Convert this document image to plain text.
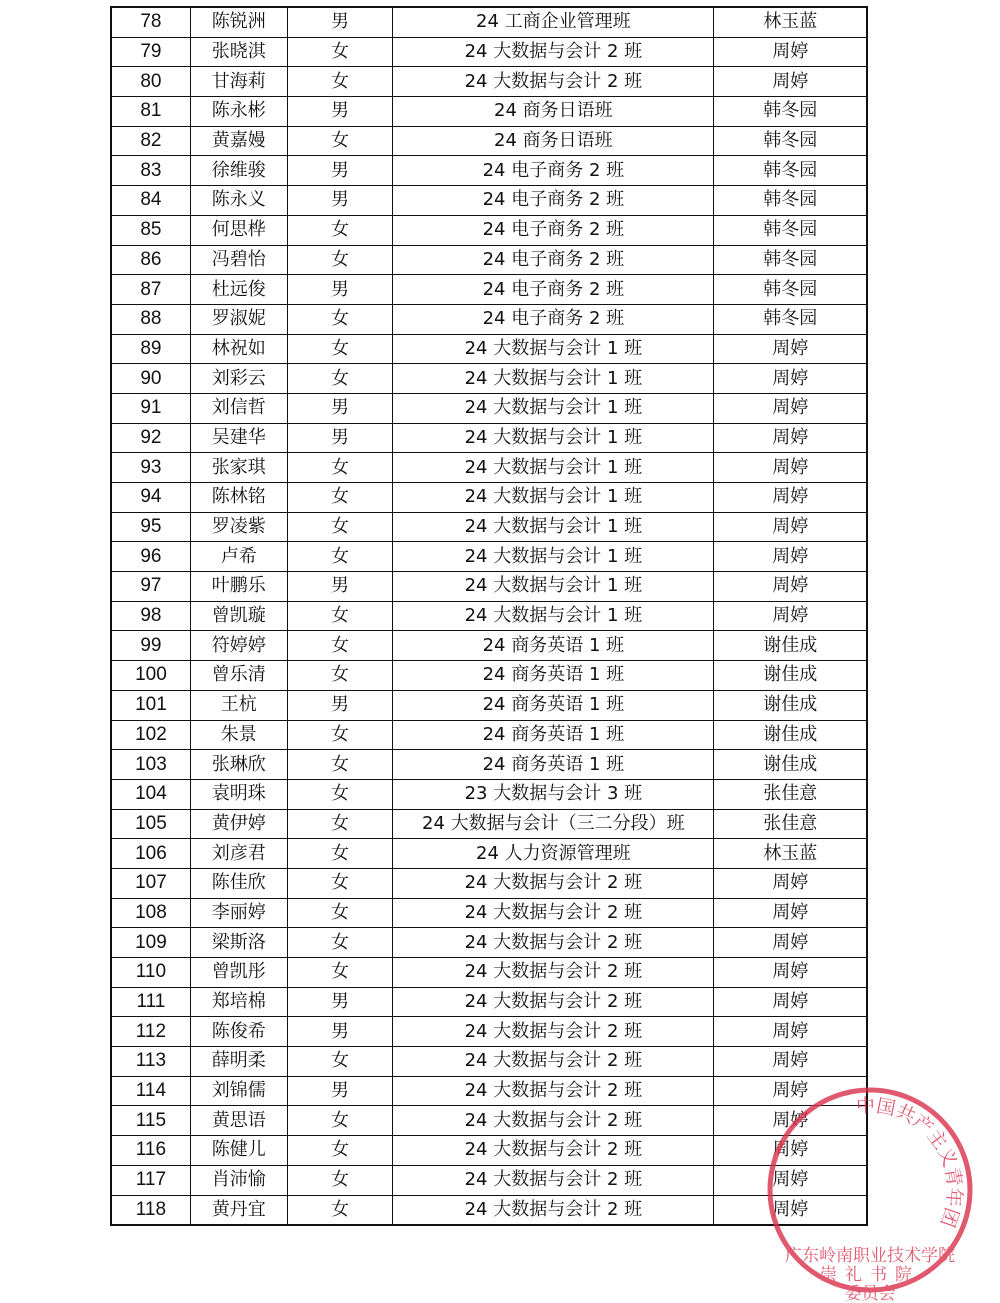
78	陈锐洲	男	24 工商企业管理班	林玉蓝
79	张晓淇	女	24 大数据与会计 2 班	周婷
80	甘海莉	女	24 大数据与会计 2 班	周婷
81	陈永彬	男	24 商务日语班	韩冬园
82	黄嘉嫚	女	24 商务日语班	韩冬园
83	徐维骏	男	24 电子商务 2 班	韩冬园
84	陈永义	男	24 电子商务 2 班	韩冬园
85	何思桦	女	24 电子商务 2 班	韩冬园
86	冯碧怡	女	24 电子商务 2 班	韩冬园
87	杜远俊	男	24 电子商务 2 班	韩冬园
88	罗淑妮	女	24 电子商务 2 班	韩冬园
89	林祝如	女	24 大数据与会计 1 班	周婷
90	刘彩云	女	24 大数据与会计 1 班	周婷
91	刘信哲	男	24 大数据与会计 1 班	周婷
92	吴建华	男	24 大数据与会计 1 班	周婷
93	张家琪	女	24 大数据与会计 1 班	周婷
94	陈林铭	女	24 大数据与会计 1 班	周婷
95	罗凌紫	女	24 大数据与会计 1 班	周婷
96	卢希	女	24 大数据与会计 1 班	周婷
97	叶鹏乐	男	24 大数据与会计 1 班	周婷
98	曾凯璇	女	24 大数据与会计 1 班	周婷
99	符婷婷	女	24 商务英语 1 班	谢佳成
100	曾乐清	女	24 商务英语 1 班	谢佳成
101	王杭	男	24 商务英语 1 班	谢佳成
102	朱景	女	24 商务英语 1 班	谢佳成
103	张琳欣	女	24 商务英语 1 班	谢佳成
104	袁明珠	女	23 大数据与会计 3 班	张佳意
105	黄伊婷	女	24 大数据与会计（三二分段）班	张佳意
106	刘彦君	女	24 人力资源管理班	林玉蓝
107	陈佳欣	女	24 大数据与会计 2 班	周婷
108	李丽婷	女	24 大数据与会计 2 班	周婷
109	梁斯洛	女	24 大数据与会计 2 班	周婷
110	曾凯彤	女	24 大数据与会计 2 班	周婷
111	郑培棉	男	24 大数据与会计 2 班	周婷
112	陈俊希	男	24 大数据与会计 2 班	周婷
113	薛明柔	女	24 大数据与会计 2 班	周婷
114	刘锦儒	男	24 大数据与会计 2 班	周婷
115	黄思语	女	24 大数据与会计 2 班	周婷
116	陈健儿	女	24 大数据与会计 2 班	周婷
117	肖沛愉	女	24 大数据与会计 2 班	周婷
118	黄丹宜	女	24 大数据与会计 2 班	周婷
中国共产主义青年团
广东岭南职业技术学院
崇礼书院
委员会
